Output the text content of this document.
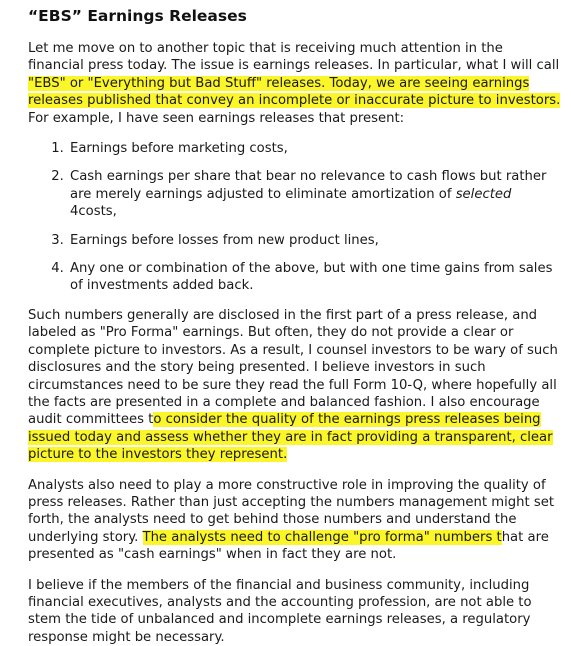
“EBS” Earnings Releases

Let me move on to another topic that is receiving much attention in the financial press today. The issue is earnings releases. In particular, what I will call "EBS" or "Everything but Bad Stuff" releases. Today, we are seeing earnings releases published that convey an incomplete or inaccurate picture to investors. For example, I have seen earnings releases that present:

1. Earnings before marketing costs,
2. Cash earnings per share that bear no relevance to cash flows but rather are merely earnings adjusted to eliminate amortization of selected 4costs,
3. Earnings before losses from new product lines,
4. Any one or combination of the above, but with one time gains from sales of investments added back.

Such numbers generally are disclosed in the first part of a press release, and labeled as "Pro Forma" earnings. But often, they do not provide a clear or complete picture to investors. As a result, I counsel investors to be wary of such disclosures and the story being presented. I believe investors in such circumstances need to be sure they read the full Form 10-Q, where hopefully all the facts are presented in a complete and balanced fashion. I also encourage audit committees to consider the quality of the earnings press releases being issued today and assess whether they are in fact providing a transparent, clear picture to the investors they represent.

Analysts also need to play a more constructive role in improving the quality of press releases. Rather than just accepting the numbers management might set forth, the analysts need to get behind those numbers and understand the underlying story. The analysts need to challenge "pro forma" numbers that are presented as "cash earnings" when in fact they are not.

I believe if the members of the financial and business community, including financial executives, analysts and the accounting profession, are not able to stem the tide of unbalanced and incomplete earnings releases, a regulatory response might be necessary.
